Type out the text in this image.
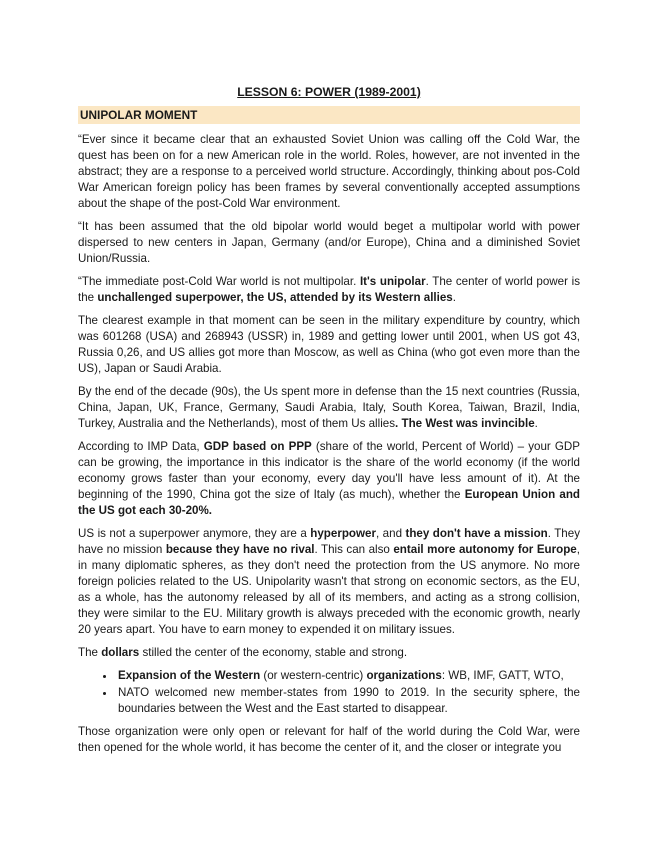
LESSON 6: POWER (1989-2001)
UNIPOLAR MOMENT

“Ever since it became clear that an exhausted Soviet Union was calling off the Cold War, the quest has been on for a new American role in the world. Roles, however, are not invented in the abstract; they are a response to a perceived world structure. Accordingly, thinking about pos-Cold War American foreign policy has been frames by several conventionally accepted assumptions about the shape of the post-Cold War environment.

“It has been assumed that the old bipolar world would beget a multipolar world with power dispersed to new centers in Japan, Germany (and/or Europe), China and a diminished Soviet Union/Russia.

“The immediate post-Cold War world is not multipolar. It's unipolar. The center of world power is the unchallenged superpower, the US, attended by its Western allies.

The clearest example in that moment can be seen in the military expenditure by country, which was 601268 (USA) and 268943 (USSR) in, 1989 and getting lower until 2001, when US got 43, Russia 0,26, and US allies got more than Moscow, as well as China (who got even more than the US), Japan or Saudi Arabia.

By the end of the decade (90s), the Us spent more in defense than the 15 next countries (Russia, China, Japan, UK, France, Germany, Saudi Arabia, Italy, South Korea, Taiwan, Brazil, India, Turkey, Australia and the Netherlands), most of them Us allies. The West was invincible.

According to IMP Data, GDP based on PPP (share of the world, Percent of World) – your GDP can be growing, the importance in this indicator is the share of the world economy (if the world economy grows faster than your economy, every day you'll have less amount of it). At the beginning of the 1990, China got the size of Italy (as much), whether the European Union and the US got each 30-20%.

US is not a superpower anymore, they are a hyperpower, and they don't have a mission. They have no mission because they have no rival. This can also entail more autonomy for Europe, in many diplomatic spheres, as they don't need the protection from the US anymore. No more foreign policies related to the US. Unipolarity wasn't that strong on economic sectors, as the EU, as a whole, has the autonomy released by all of its members, and acting as a strong collision, they were similar to the EU. Military growth is always preceded with the economic growth, nearly 20 years apart. You have to earn money to expended it on military issues.

The dollars stilled the center of the economy, stable and strong.

• Expansion of the Western (or western-centric) organizations: WB, IMF, GATT, WTO,
• NATO welcomed new member-states from 1990 to 2019. In the security sphere, the boundaries between the West and the East started to disappear.

Those organization were only open or relevant for half of the world during the Cold War, were then opened for the whole world, it has become the center of it, and the closer or integrate you
